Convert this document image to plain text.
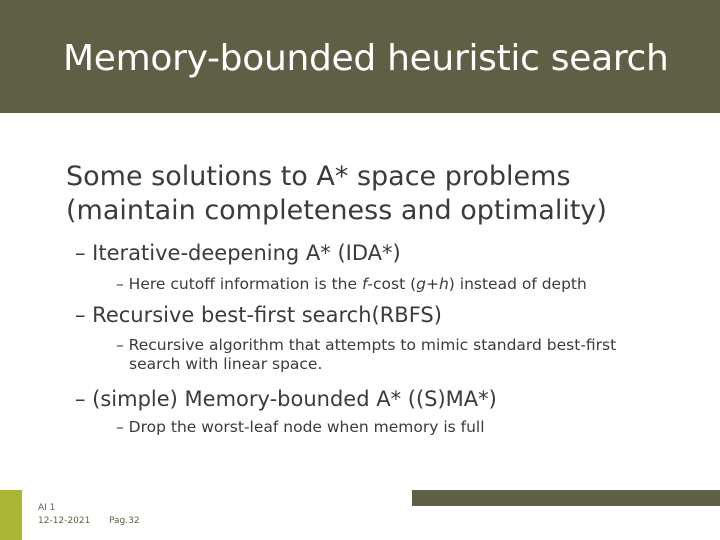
Memory-bounded heuristic search
Some solutions to A* space problems
(maintain completeness and optimality)
– Iterative-deepening A* (IDA*)
– Here cutoff information is the f-cost (g+h) instead of depth
– Recursive best-first search(RBFS)
– Recursive algorithm that attempts to mimic standard best-first
search with linear space.
– (simple) Memory-bounded A* ((S)MA*)
– Drop the worst-leaf node when memory is full
AI 1
12-12-2021 Pag.32
